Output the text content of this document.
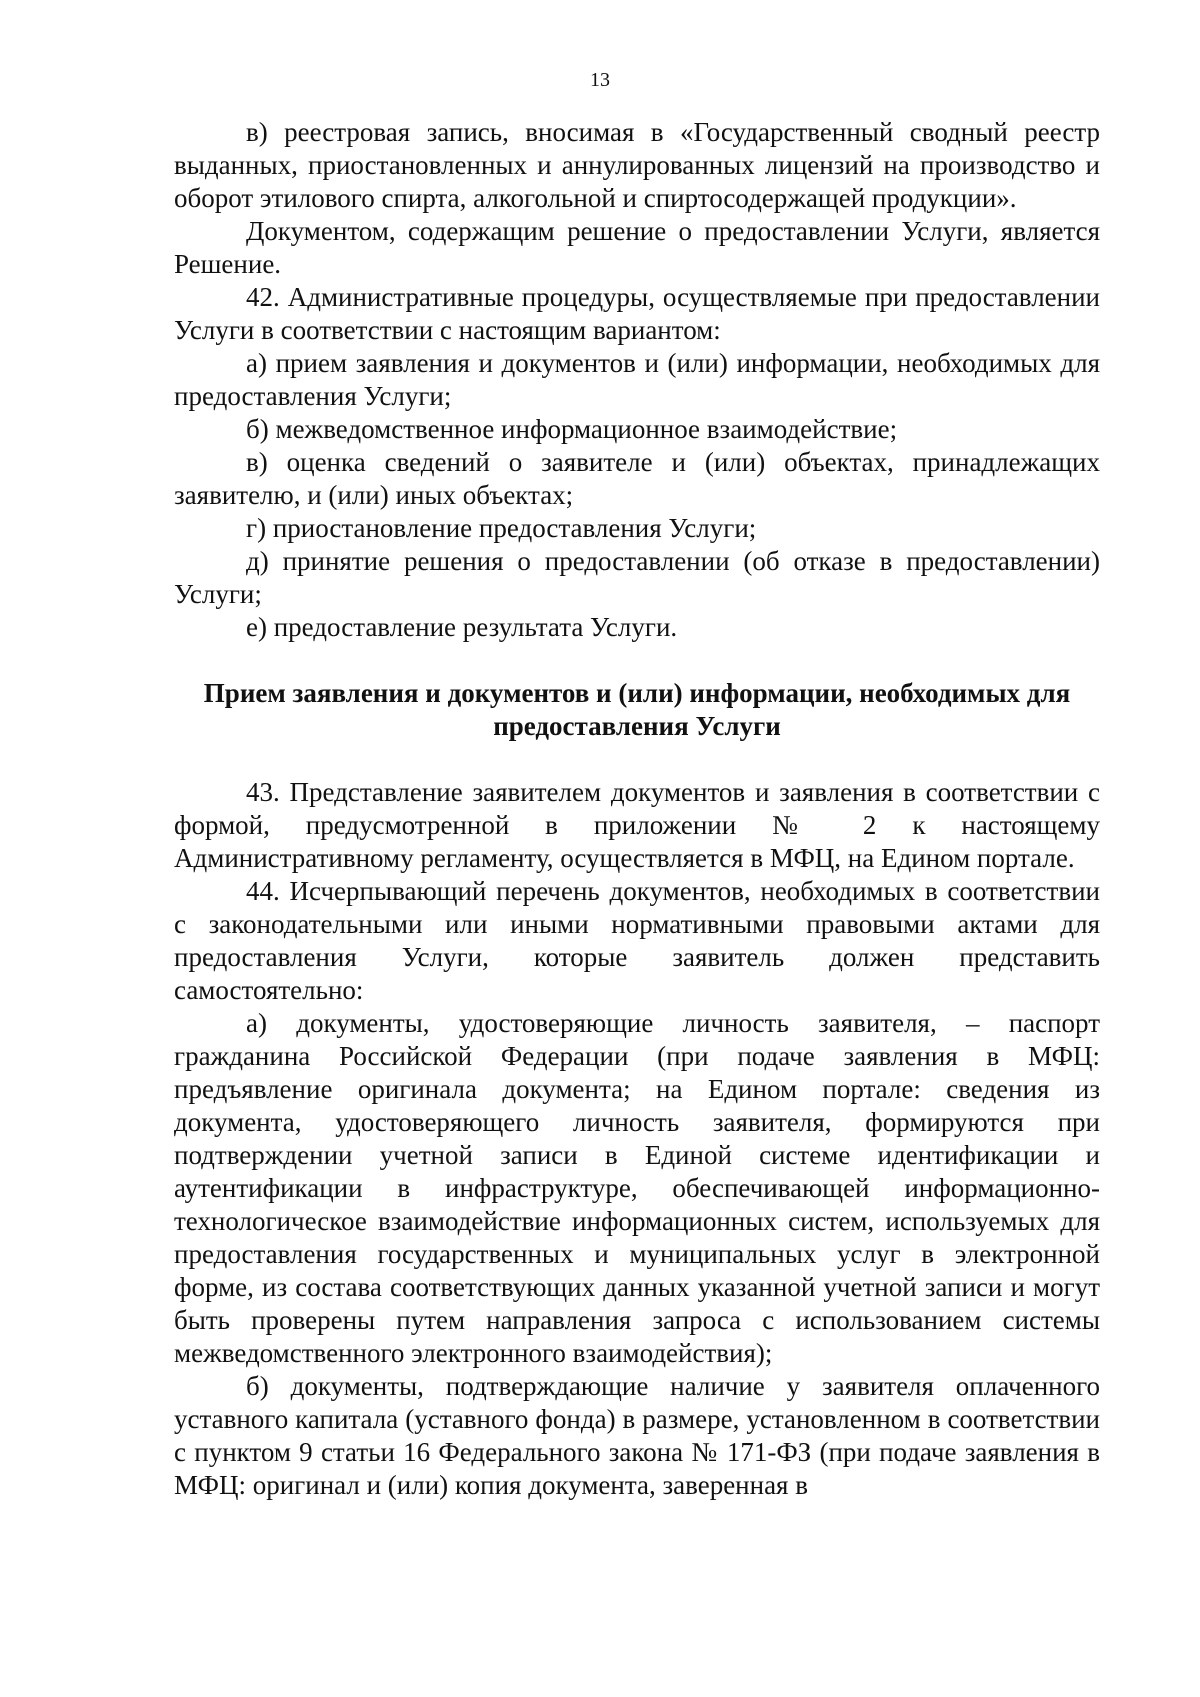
13

в) реестровая запись, вносимая в «Государственный сводный реестр выданных, приостановленных и аннулированных лицензий на производство и оборот этилового спирта, алкогольной и спиртосодержащей продукции».

Документом, содержащим решение о предоставлении Услуги, является Решение.

42. Административные процедуры, осуществляемые при предоставлении Услуги в соответствии с настоящим вариантом:

а) прием заявления и документов и (или) информации, необходимых для предоставления Услуги;

б) межведомственное информационное взаимодействие;

в) оценка сведений о заявителе и (или) объектах, принадлежащих заявителю, и (или) иных объектах;

г) приостановление предоставления Услуги;

д) принятие решения о предоставлении (об отказе в предоставлении) Услуги;

е) предоставление результата Услуги.

Прием заявления и документов и (или) информации, необходимых для предоставления Услуги

43. Представление заявителем документов и заявления в соответствии с формой, предусмотренной в приложении № 2 к настоящему Административному регламенту, осуществляется в МФЦ, на Едином портале.

44. Исчерпывающий перечень документов, необходимых в соответствии с законодательными или иными нормативными правовыми актами для предоставления Услуги, которые заявитель должен представить самостоятельно:

а) документы, удостоверяющие личность заявителя, – паспорт гражданина Российской Федерации (при подаче заявления в МФЦ: предъявление оригинала документа; на Едином портале: сведения из документа, удостоверяющего личность заявителя, формируются при подтверждении учетной записи в Единой системе идентификации и аутентификации в инфраструктуре, обеспечивающей информационно-технологическое взаимодействие информационных систем, используемых для предоставления государственных и муниципальных услуг в электронной форме, из состава соответствующих данных указанной учетной записи и могут быть проверены путем направления запроса с использованием системы межведомственного электронного взаимодействия);

б) документы, подтверждающие наличие у заявителя оплаченного уставного капитала (уставного фонда) в размере, установленном в соответствии с пунктом 9 статьи 16 Федерального закона № 171-ФЗ (при подаче заявления в МФЦ: оригинал и (или) копия документа, заверенная в
